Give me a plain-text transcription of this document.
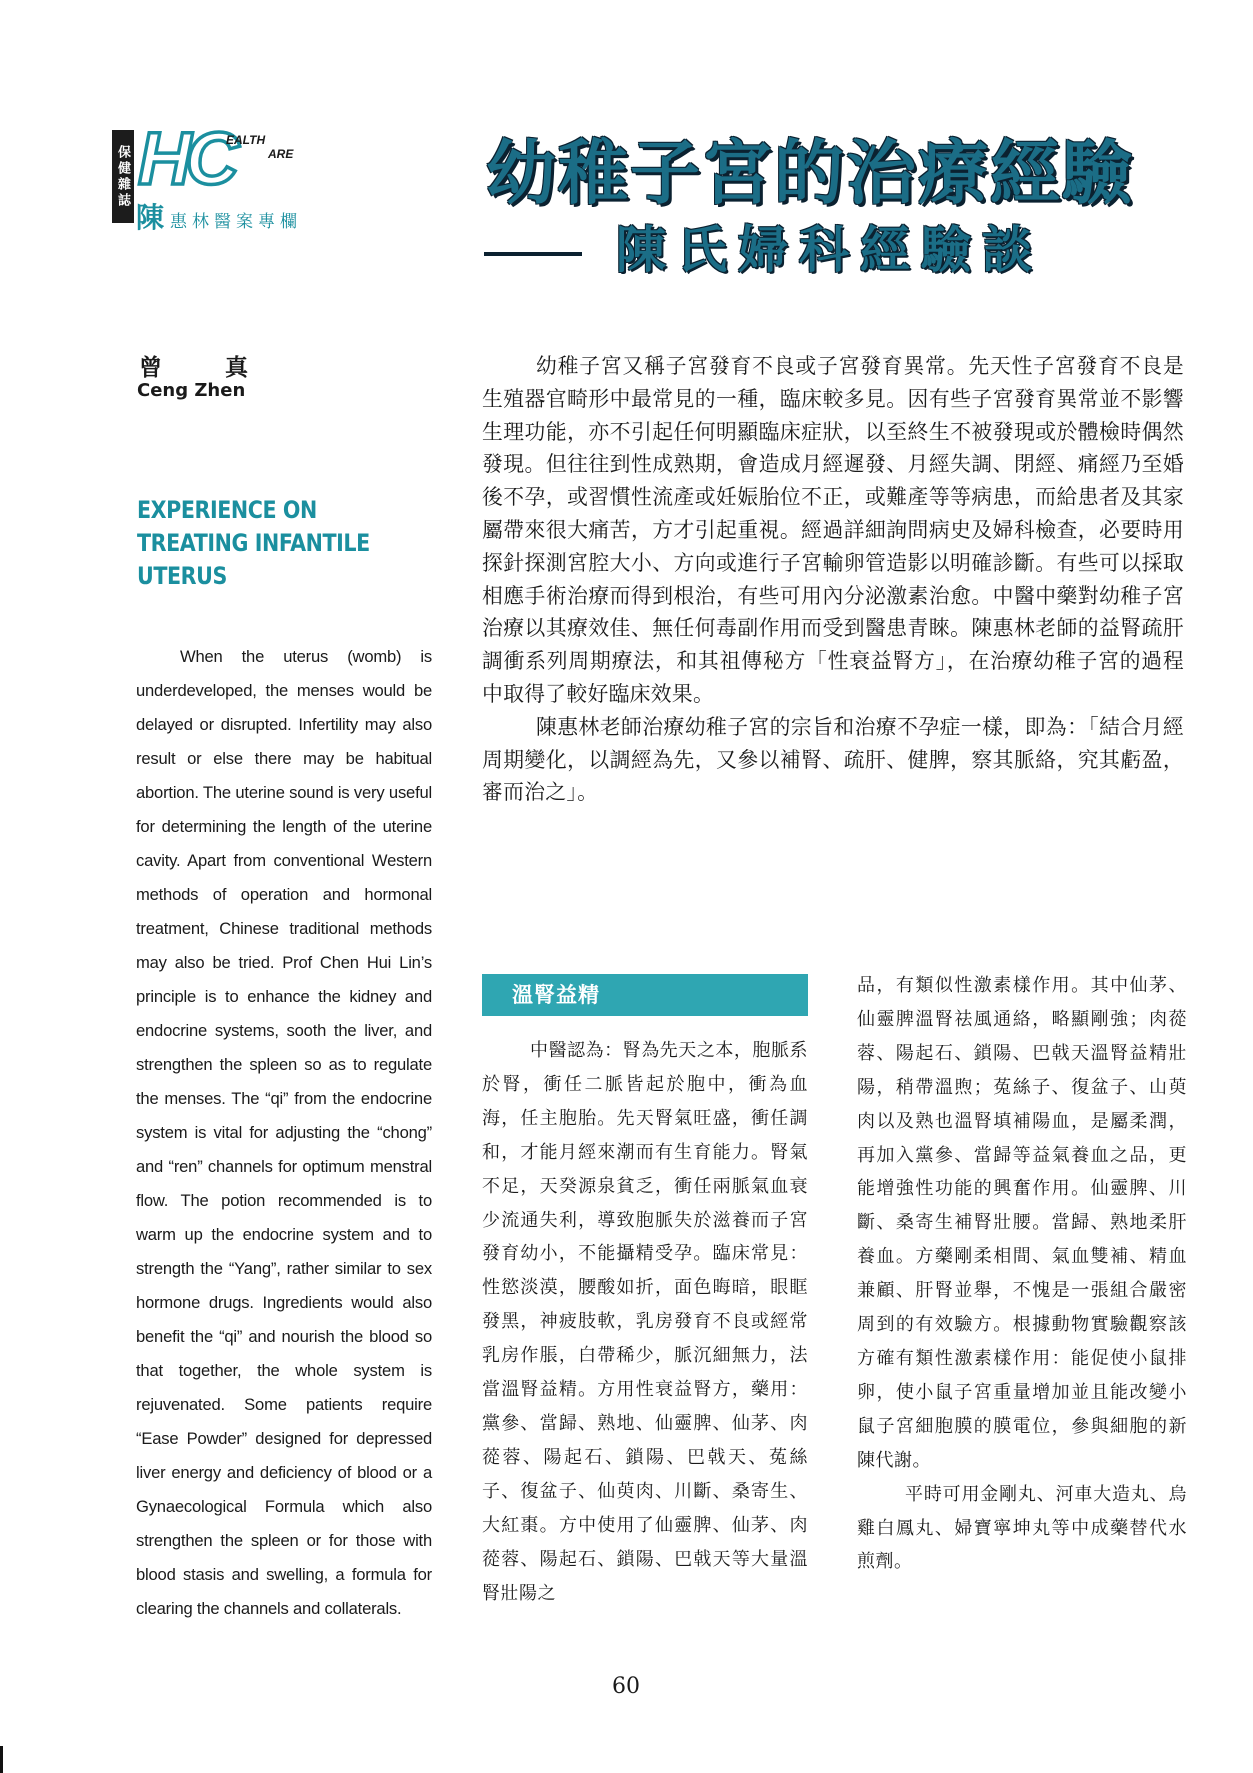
保健雜誌 HC
EALTH
ARE
陳惠林醫案專欄
幼稚子宮的治療經驗
陳氏婦科經驗談
曾　真
Ceng Zhen
EXPERIENCE ON TREATING INFANTILE UTERUS
When the uterus (womb) is underdeveloped, the menses would be delayed or disrupted. Infertility may also result or else there may be habitual abortion. The uterine sound is very useful for determining the length of the uterine cavity. Apart from conventional Western methods of operation and hormonal treatment, Chinese traditional methods may also be tried. Prof Chen Hui Lin’s principle is to enhance the kidney and endocrine systems, sooth the liver, and strengthen the spleen so as to regulate the menses. The “qi” from the endocrine system is vital for adjusting the “chong” and “ren” channels for optimum menstral flow. The potion recommended is to warm up the endocrine system and to strength the “Yang”, rather similar to sex hormone drugs. Ingredients would also benefit the “qi” and nourish the blood so that together, the whole system is rejuvenated. Some patients require “Ease Powder” designed for depressed liver energy and deficiency of blood or a Gynaecological Formula which also strengthen the spleen or for those with blood stasis and swelling, a formula for clearing the channels and collaterals.

幼稚子宮又稱子宮發育不良或子宮發育異常。先天性子宮發育不良是生殖器官畸形中最常見的一種，臨床較多見。因有些子宮發育異常並不影響生理功能，亦不引起任何明顯臨床症狀，以至終生不被發現或於體檢時偶然發現。但往往到性成熟期，會造成月經遲發、月經失調、閉經、痛經乃至婚後不孕，或習慣性流產或妊娠胎位不正，或難產等等病患，而給患者及其家屬帶來很大痛苦，方才引起重視。經過詳細詢問病史及婦科檢查，必要時用探針探測宮腔大小、方向或進行子宮輸卵管造影以明確診斷。有些可以採取相應手術治療而得到根治，有些可用內分泌激素治愈。中醫中藥對幼稚子宮治療以其療效佳、無任何毒副作用而受到醫患青睞。陳惠林老師的益腎疏肝調衝系列周期療法，和其祖傳秘方「性衰益腎方」，在治療幼稚子宮的過程中取得了較好臨床效果。

陳惠林老師治療幼稚子宮的宗旨和治療不孕症一樣，即為：「結合月經周期變化，以調經為先，又參以補腎、疏肝、健脾，察其脈絡，究其虧盈，審而治之」。

溫腎益精

中醫認為：腎為先天之本，胞脈系於腎，衝任二脈皆起於胞中，衝為血海，任主胞胎。先天腎氣旺盛，衝任調和，才能月經來潮而有生育能力。腎氣不足，天癸源泉貧乏，衝任兩脈氣血衰少流通失利，導致胞脈失於滋養而子宮發育幼小，不能攝精受孕。臨床常見：性慾淡漠，腰酸如折，面色晦暗，眼眶發黑，神疲肢軟，乳房發育不良或經常乳房作脹，白帶稀少，脈沉細無力，法當溫腎益精。方用性衰益腎方，藥用：黨參、當歸、熟地、仙靈脾、仙茅、肉蓯蓉、陽起石、鎖陽、巴戟天、菟絲子、復盆子、仙萸肉、川斷、桑寄生、大紅棗。方中使用了仙靈脾、仙茅、肉蓯蓉、陽起石、鎖陽、巴戟天等大量溫腎壯陽之

品，有類似性激素樣作用。其中仙茅、仙靈脾溫腎祛風通絡，略顯剛強；肉蓯蓉、陽起石、鎖陽、巴戟天溫腎益精壯陽，稍帶溫煦；菟絲子、復盆子、山萸肉以及熟也溫腎填補陽血，是屬柔潤，再加入黨參、當歸等益氣養血之品，更能增強性功能的興奮作用。仙靈脾、川斷、桑寄生補腎壯腰。當歸、熟地柔肝養血。方藥剛柔相間、氣血雙補、精血兼顧、肝腎並舉，不愧是一張組合嚴密周到的有效驗方。根據動物實驗觀察該方確有類性激素樣作用：能促使小鼠排卵，使小鼠子宮重量增加並且能改變小鼠子宮細胞膜的膜電位，參與細胞的新陳代謝。

平時可用金剛丸、河車大造丸、烏雞白鳳丸、婦寶寧坤丸等中成藥替代水煎劑。

60
